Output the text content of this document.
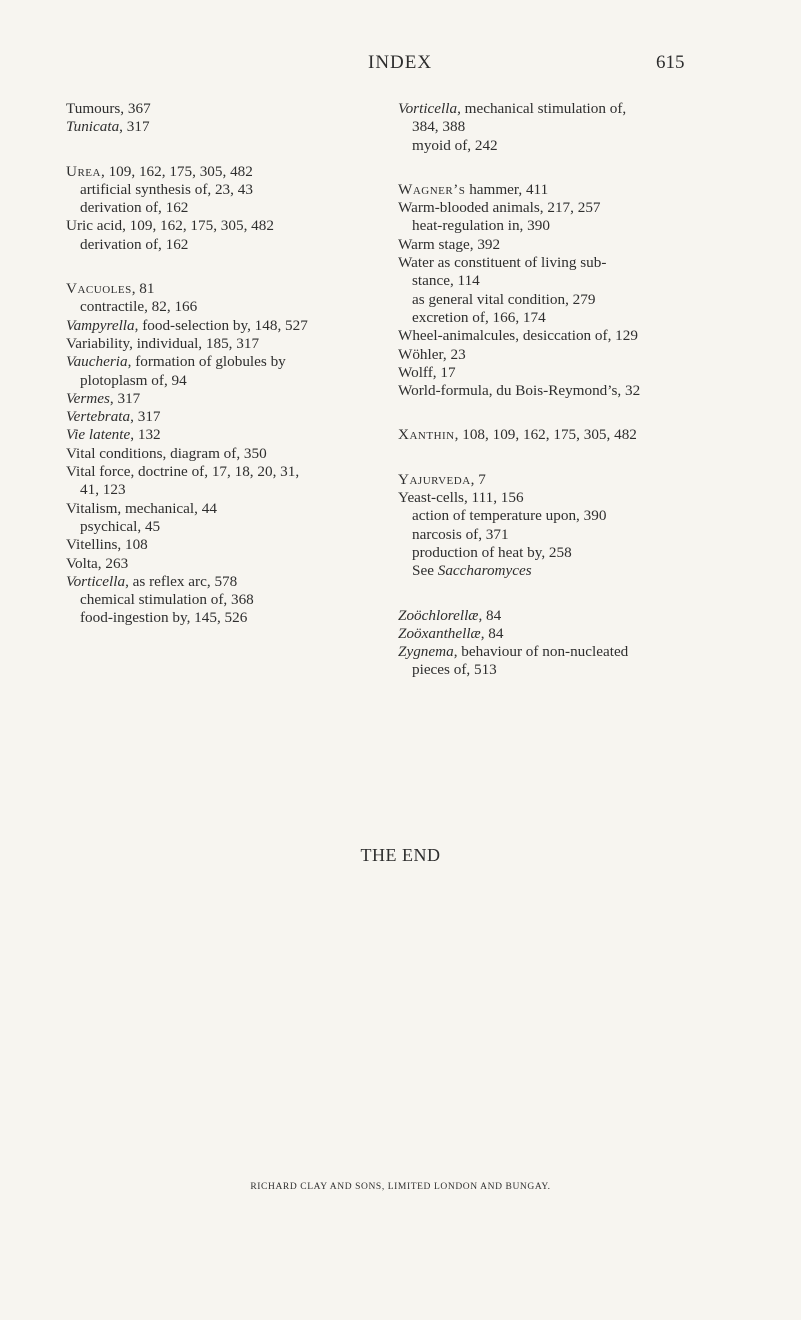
INDEX	615

Tumours, 367

Tunicata, 317

Urea, 109, 162, 175, 305, 482

artificial synthesis of, 23, 43

derivation of, 162

Uric acid, 109, 162, 175, 305, 482

derivation of, 162

Vacuoles, 81

contractile, 82, 166

Vampyrella, food-selection by, 148, 527

Variability, individual, 185, 317

Vaucheria, formation of globules by
plotoplasm of, 94

Vermes, 317

Vertebrata, 317

Vie latente, 132

Vital conditions, diagram of, 350

Vital force, doctrine of, 17, 18, 20, 31,
41, 123

Vitalism, mechanical, 44

psychical, 45

Vitellins, 108

Volta, 263

Vorticella, as reflex arc, 578

chemical stimulation of, 368

food-ingestion by, 145, 526

Vorticella, mechanical stimulation of,
384, 388

myoid of, 242

Wagner’s hammer, 411

Warm-blooded animals, 217, 257

heat-regulation in, 390

Warm stage, 392

Water as constituent of living sub-
stance, 114

as general vital condition, 279

excretion of, 166, 174

Wheel-animalcules, desiccation of, 129

Wöhler, 23

Wolff, 17

World-formula, du Bois-Reymond’s, 32

Xanthin, 108, 109, 162, 175, 305, 482

Yajurveda, 7

Yeast-cells, 111, 156

action of temperature upon, 390

narcosis of, 371

production of heat by, 258

See Saccharomyces

Zoöchlorellæ, 84

Zoöxanthellæ, 84

Zygnema, behaviour of non-nucleated
pieces of, 513

THE END
RICHARD CLAY AND SONS, LIMITED LONDON AND BUNGAY.
